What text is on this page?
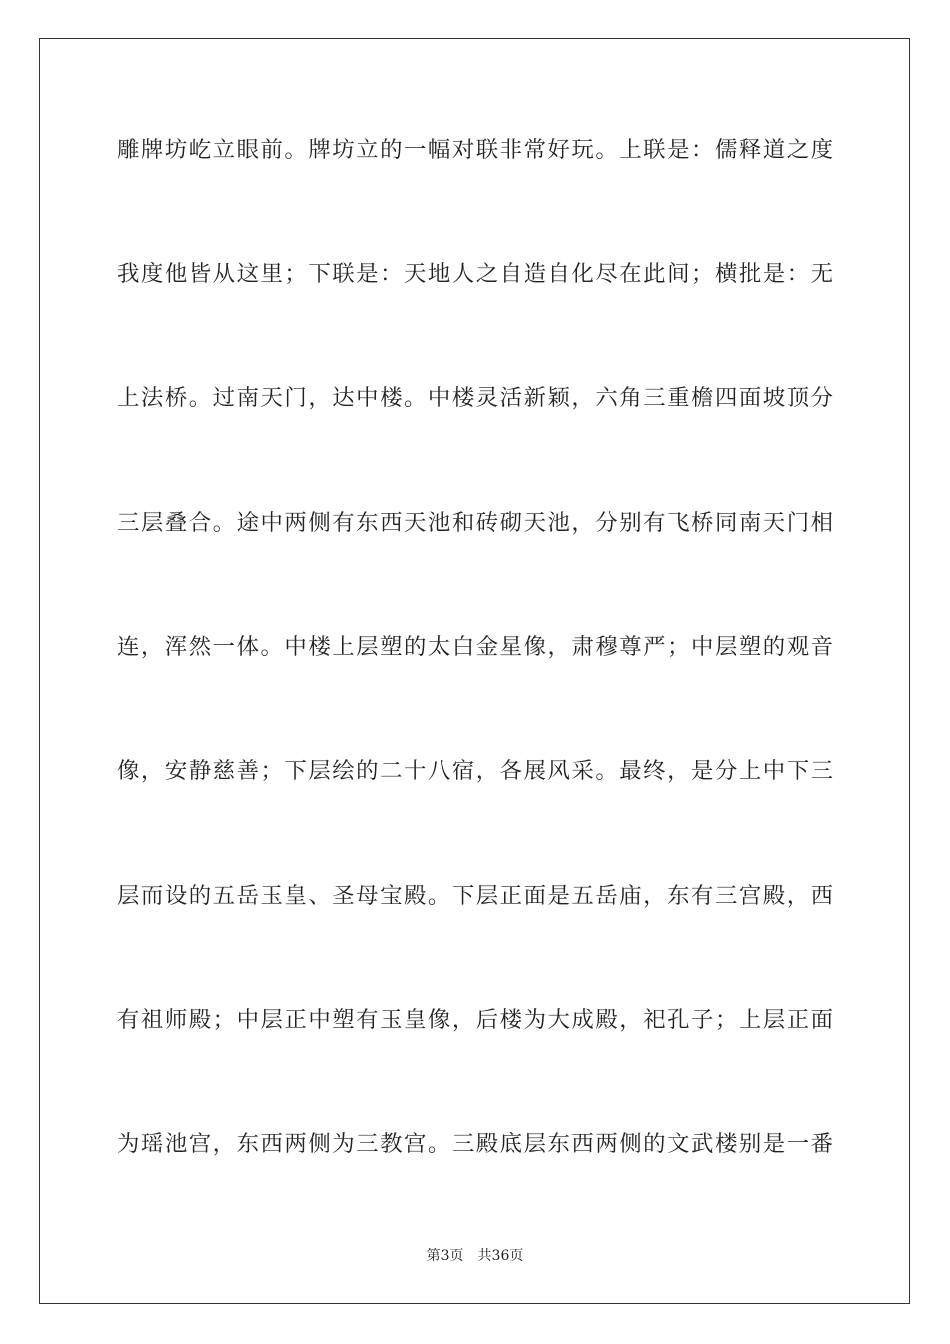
雕牌坊屹立眼前。牌坊立的一幅对联非常好玩。上联是：儒释道之度
我度他皆从这里；下联是：天地人之自造自化尽在此间；横批是：无
上法桥。过南天门，达中楼。中楼灵活新颖，六角三重檐四面坡顶分
三层叠合。途中两侧有东西天池和砖砌天池，分别有飞桥同南天门相
连，浑然一体。中楼上层塑的太白金星像，肃穆尊严；中层塑的观音
像，安静慈善；下层绘的二十八宿，各展风采。最终，是分上中下三
层而设的五岳玉皇、圣母宝殿。下层正面是五岳庙，东有三宫殿，西
有祖师殿；中层正中塑有玉皇像，后楼为大成殿，祀孔子；上层正面
为瑶池宫，东西两侧为三教宫。三殿底层东西两侧的文武楼别是一番
第3页 共36页
